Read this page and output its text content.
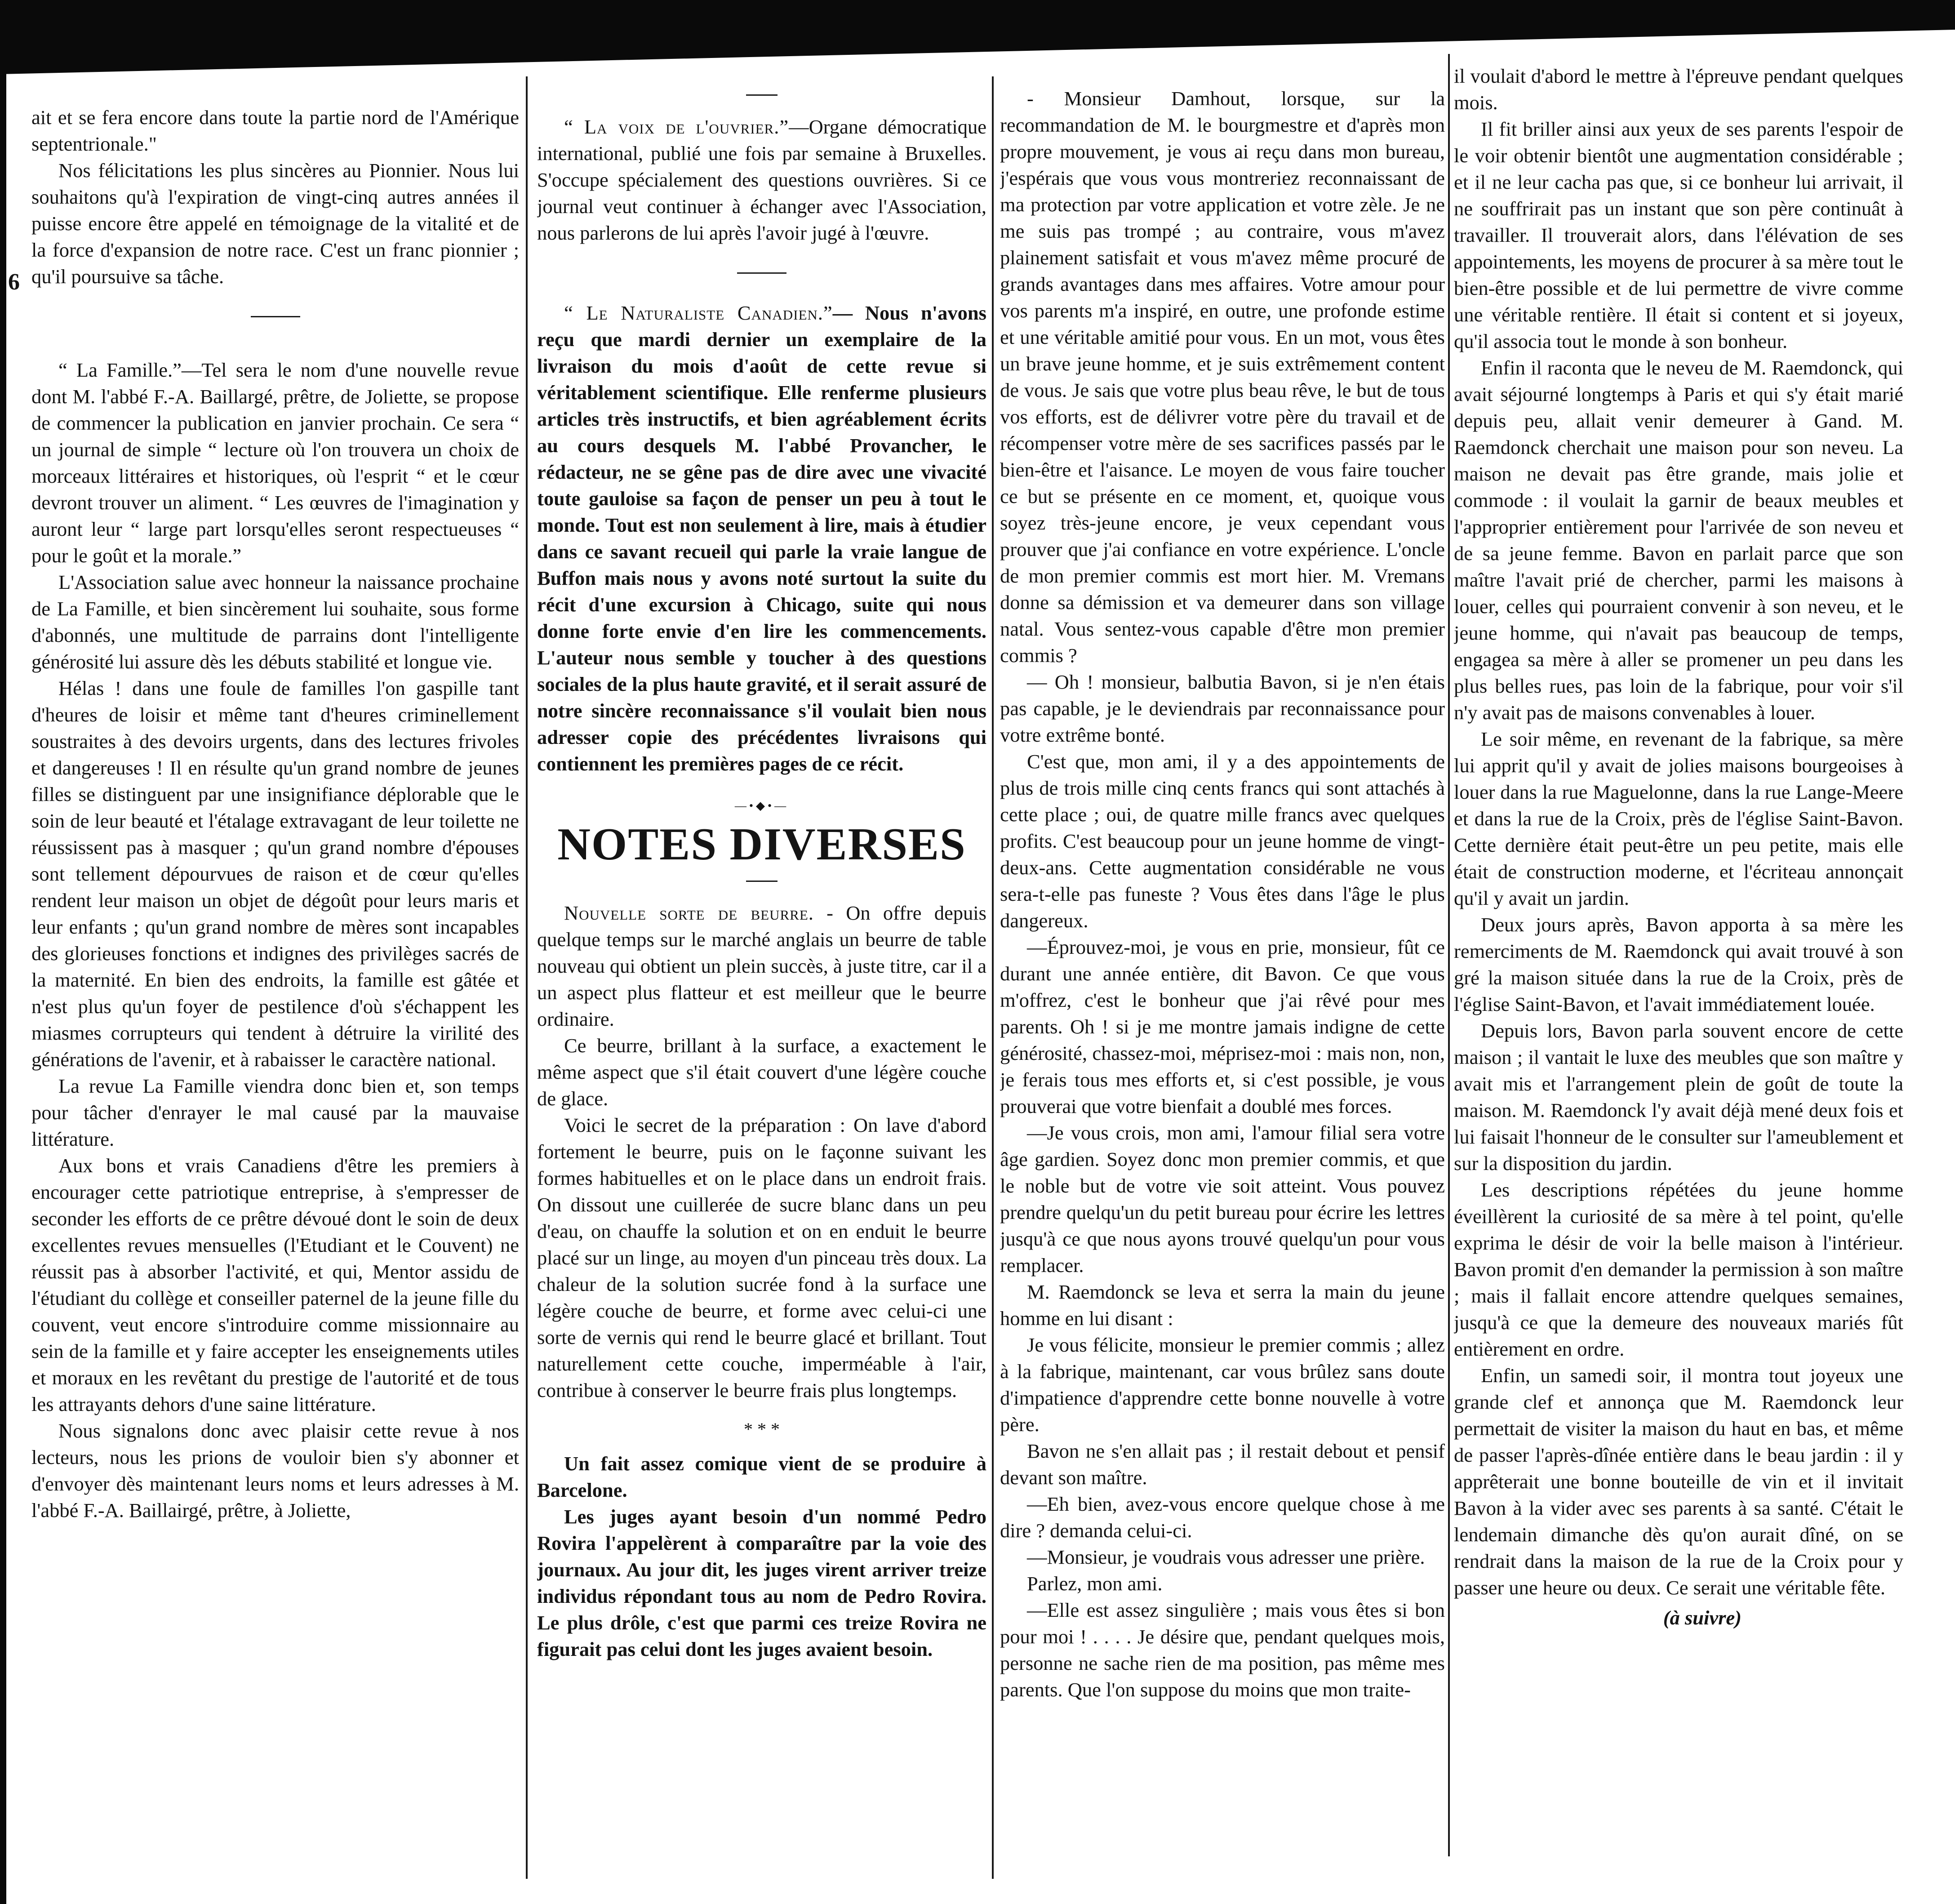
6

ait et se fera encore dans toute la partie nord de l'Amérique septentrionale."

Nos félicitations les plus sincères au Pionnier. Nous lui souhaitons qu'à l'expiration de vingt-cinq autres années il puisse encore être appelé en témoignage de la vitalité et de la force d'expansion de notre race. C'est un franc pionnier ; qu'il poursuive sa tâche.

“ La Famille.”—Tel sera le nom d'une nouvelle revue dont M. l'abbé F.-A. Baillargé, prêtre, de Joliette, se propose de commencer la publication en janvier prochain. Ce sera “ un journal de simple “ lecture où l'on trouvera un choix de morceaux littéraires et historiques, où l'esprit “ et le cœur devront trouver un aliment. “ Les œuvres de l'imagination y auront leur “ large part lorsqu'elles seront respectueuses “ pour le goût et la morale.”

L'Association salue avec honneur la naissance prochaine de La Famille, et bien sincèrement lui souhaite, sous forme d'abonnés, une multitude de parrains dont l'intelligente générosité lui assure dès les débuts stabilité et longue vie.

Hélas ! dans une foule de familles l'on gaspille tant d'heures de loisir et même tant d'heures criminellement soustraites à des devoirs urgents, dans des lectures frivoles et dangereuses ! Il en résulte qu'un grand nombre de jeunes filles se distinguent par une insignifiance déplorable que le soin de leur beauté et l'étalage extravagant de leur toilette ne réussissent pas à masquer ; qu'un grand nombre d'épouses sont tellement dépourvues de raison et de cœur qu'elles rendent leur maison un objet de dégoût pour leurs maris et leur enfants ; qu'un grand nombre de mères sont incapables des glorieuses fonctions et indignes des privilèges sacrés de la maternité. En bien des endroits, la famille est gâtée et n'est plus qu'un foyer de pestilence d'où s'échappent les miasmes corrupteurs qui tendent à détruire la virilité des générations de l'avenir, et à rabaisser le caractère national.

La revue La Famille viendra donc bien et, son temps pour tâcher d'enrayer le mal causé par la mauvaise littérature.

Aux bons et vrais Canadiens d'être les premiers à encourager cette patriotique entreprise, à s'empresser de seconder les efforts de ce prêtre dévoué dont le soin de deux excellentes revues mensuelles (l'Etudiant et le Couvent) ne réussit pas à absorber l'activité, et qui, Mentor assidu de l'étudiant du collège et conseiller paternel de la jeune fille du couvent, veut encore s'introduire comme missionnaire au sein de la famille et y faire accepter les enseignements utiles et moraux en les revêtant du prestige de l'autorité et de tous les attrayants dehors d'une saine littérature.

Nous signalons donc avec plaisir cette revue à nos lecteurs, nous les prions de vouloir bien s'y abonner et d'envoyer dès maintenant leurs noms et leurs adresses à M. l'abbé F.-A. Baillairgé, prêtre, à Joliette,

“ La voix de l'ouvrier.”—Organe démocratique international, publié une fois par semaine à Bruxelles. S'occupe spécialement des questions ouvrières. Si ce journal veut continuer à échanger avec l'Association, nous parlerons de lui après l'avoir jugé à l'œuvre.

“ Le Naturaliste Canadien.”— Nous n'avons reçu que mardi dernier un exemplaire de la livraison du mois d'août de cette revue si véritablement scientifique. Elle renferme plusieurs articles très instructifs, et bien agréablement écrits au cours desquels M. l'abbé Provancher, le rédacteur, ne se gêne pas de dire avec une vivacité toute gauloise sa façon de penser un peu à tout le monde. Tout est non seulement à lire, mais à étudier dans ce savant recueil qui parle la vraie langue de Buffon mais nous y avons noté surtout la suite du récit d'une excursion à Chicago, suite qui nous donne forte envie d'en lire les commencements. L'auteur nous semble y toucher à des questions sociales de la plus haute gravité, et il serait assuré de notre sincère reconnaissance s'il voulait bien nous adresser copie des précédentes livraisons qui contiennent les premières pages de ce récit.

—•◆•—
NOTES DIVERSES

Nouvelle sorte de beurre. - On offre depuis quelque temps sur le marché anglais un beurre de table nouveau qui obtient un plein succès, à juste titre, car il a un aspect plus flatteur et est meilleur que le beurre ordinaire.

Ce beurre, brillant à la surface, a exactement le même aspect que s'il était couvert d'une légère couche de glace.

Voici le secret de la préparation : On lave d'abord fortement le beurre, puis on le façonne suivant les formes habituelles et on le place dans un endroit frais. On dissout une cuillerée de sucre blanc dans un peu d'eau, on chauffe la solution et on en enduit le beurre placé sur un linge, au moyen d'un pinceau très doux. La chaleur de la solution sucrée fond à la surface une légère couche de beurre, et forme avec celui-ci une sorte de vernis qui rend le beurre glacé et brillant. Tout naturellement cette couche, imperméable à l'air, contribue à conserver le beurre frais plus longtemps.

* * *

Un fait assez comique vient de se produire à Barcelone.

Les juges ayant besoin d'un nommé Pedro Rovira l'appelèrent à comparaître par la voie des journaux. Au jour dit, les juges virent arriver treize individus répondant tous au nom de Pedro Rovira. Le plus drôle, c'est que parmi ces treize Rovira ne figurait pas celui dont les juges avaient besoin.

- Monsieur Damhout, lorsque, sur la recommandation de M. le bourgmestre et d'après mon propre mouvement, je vous ai reçu dans mon bureau, j'espérais que vous vous montreriez reconnaissant de ma protection par votre application et votre zèle. Je ne me suis pas trompé ; au contraire, vous m'avez plainement satisfait et vous m'avez même procuré de grands avantages dans mes affaires. Votre amour pour vos parents m'a inspiré, en outre, une profonde estime et une véritable amitié pour vous. En un mot, vous êtes un brave jeune homme, et je suis extrêmement content de vous. Je sais que votre plus beau rêve, le but de tous vos efforts, est de délivrer votre père du travail et de récompenser votre mère de ses sacrifices passés par le bien-être et l'aisance. Le moyen de vous faire toucher ce but se présente en ce moment, et, quoique vous soyez très-jeune encore, je veux cependant vous prouver que j'ai confiance en votre expérience. L'oncle de mon premier commis est mort hier. M. Vremans donne sa démission et va demeurer dans son village natal. Vous sentez-vous capable d'être mon premier commis ?

— Oh ! monsieur, balbutia Bavon, si je n'en étais pas capable, je le deviendrais par reconnaissance pour votre extrême bonté.

C'est que, mon ami, il y a des appointements de plus de trois mille cinq cents francs qui sont attachés à cette place ; oui, de quatre mille francs avec quelques profits. C'est beaucoup pour un jeune homme de vingt-deux-ans. Cette augmentation considérable ne vous sera-t-elle pas funeste ? Vous êtes dans l'âge le plus dangereux.

—Éprouvez-moi, je vous en prie, monsieur, fût ce durant une année entière, dit Bavon. Ce que vous m'offrez, c'est le bonheur que j'ai rêvé pour mes parents. Oh ! si je me montre jamais indigne de cette générosité, chassez-moi, méprisez-moi : mais non, non, je ferais tous mes efforts et, si c'est possible, je vous prouverai que votre bienfait a doublé mes forces.

—Je vous crois, mon ami, l'amour filial sera votre âge gardien. Soyez donc mon premier commis, et que le noble but de votre vie soit atteint. Vous pouvez prendre quelqu'un du petit bureau pour écrire les lettres jusqu'à ce que nous ayons trouvé quelqu'un pour vous remplacer.

M. Raemdonck se leva et serra la main du jeune homme en lui disant :

Je vous félicite, monsieur le premier commis ; allez à la fabrique, maintenant, car vous brûlez sans doute d'impatience d'apprendre cette bonne nouvelle à votre père.

Bavon ne s'en allait pas ; il restait debout et pensif devant son maître.

—Eh bien, avez-vous encore quelque chose à me dire ? demanda celui-ci.

—Monsieur, je voudrais vous adresser une prière.

Parlez, mon ami.

—Elle est assez singulière ; mais vous êtes si bon pour moi ! . . . . Je désire que, pendant quelques mois, personne ne sache rien de ma position, pas même mes parents. Que l'on suppose du moins que mon traite-

il voulait d'abord le mettre à l'épreuve pendant quelques mois.

Il fit briller ainsi aux yeux de ses parents l'espoir de le voir obtenir bientôt une augmentation considérable ; et il ne leur cacha pas que, si ce bonheur lui arrivait, il ne souffrirait pas un instant que son père continuât à travailler. Il trouverait alors, dans l'élévation de ses appointements, les moyens de procurer à sa mère tout le bien-être possible et de lui permettre de vivre comme une véritable rentière. Il était si content et si joyeux, qu'il associa tout le monde à son bonheur.

Enfin il raconta que le neveu de M. Raemdonck, qui avait séjourné longtemps à Paris et qui s'y était marié depuis peu, allait venir demeurer à Gand. M. Raemdonck cherchait une maison pour son neveu. La maison ne devait pas être grande, mais jolie et commode : il voulait la garnir de beaux meubles et l'approprier entièrement pour l'arrivée de son neveu et de sa jeune femme. Bavon en parlait parce que son maître l'avait prié de chercher, parmi les maisons à louer, celles qui pourraient convenir à son neveu, et le jeune homme, qui n'avait pas beaucoup de temps, engagea sa mère à aller se promener un peu dans les plus belles rues, pas loin de la fabrique, pour voir s'il n'y avait pas de maisons convenables à louer.

Le soir même, en revenant de la fabrique, sa mère lui apprit qu'il y avait de jolies maisons bourgeoises à louer dans la rue Maguelonne, dans la rue Lange-Meere et dans la rue de la Croix, près de l'église Saint-Bavon. Cette dernière était peut-être un peu petite, mais elle était de construction moderne, et l'écriteau annonçait qu'il y avait un jardin.

Deux jours après, Bavon apporta à sa mère les remerciments de M. Raemdonck qui avait trouvé à son gré la maison située dans la rue de la Croix, près de l'église Saint-Bavon, et l'avait immédiatement louée.

Depuis lors, Bavon parla souvent encore de cette maison ; il vantait le luxe des meubles que son maître y avait mis et l'arrangement plein de goût de toute la maison. M. Raemdonck l'y avait déjà mené deux fois et lui faisait l'honneur de le consulter sur l'ameublement et sur la disposition du jardin.

Les descriptions répétées du jeune homme éveillèrent la curiosité de sa mère à tel point, qu'elle exprima le désir de voir la belle maison à l'intérieur. Bavon promit d'en demander la permission à son maître ; mais il fallait encore attendre quelques semaines, jusqu'à ce que la demeure des nouveaux mariés fût entièrement en ordre.

Enfin, un samedi soir, il montra tout joyeux une grande clef et annonça que M. Raemdonck leur permettait de visiter la maison du haut en bas, et même de passer l'après-dînée entière dans le beau jardin : il y apprêterait une bonne bouteille de vin et il invitait Bavon à la vider avec ses parents à sa santé. C'était le lendemain dimanche dès qu'on aurait dîné, on se rendrait dans la maison de la rue de la Croix pour y passer une heure ou deux. Ce serait une véritable fête.

(à suivre)
